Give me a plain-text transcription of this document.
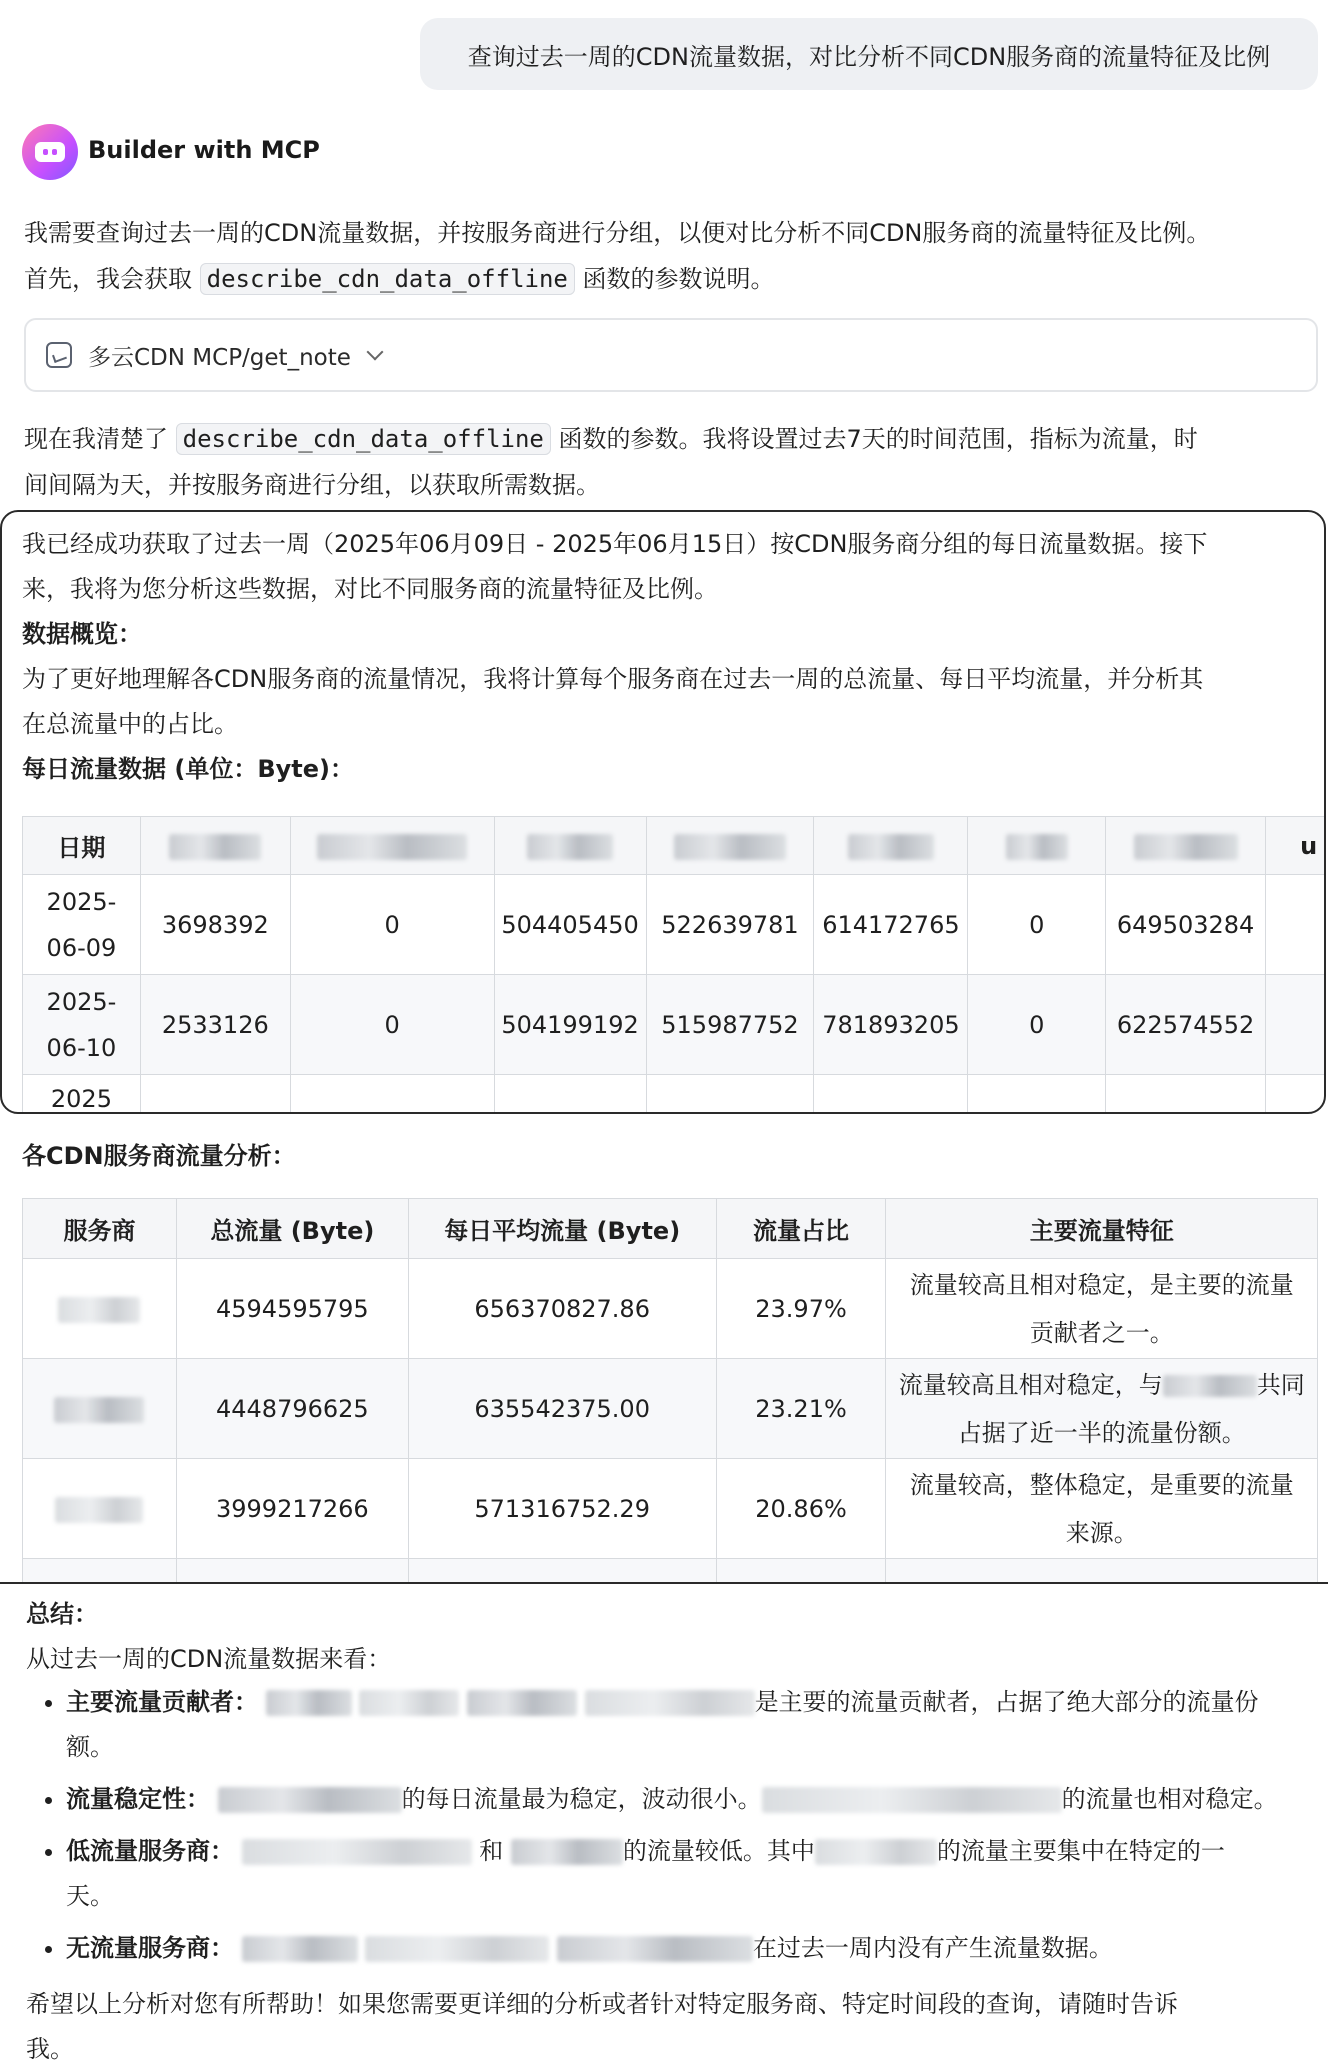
查询过去一周的CDN流量数据，对比分析不同CDN服务商的流量特征及比例
Builder with MCP
我需要查询过去一周的CDN流量数据，并按服务商进行分组，以便对比分析不同CDN服务商的流量特征及比例。
首先，我会获取 describe_cdn_data_offline 函数的参数说明。
多云CDN MCP/get_note
现在我清楚了 describe_cdn_data_offline 函数的参数。我将设置过去7天的时间范围，指标为流量，时
间间隔为天，并按服务商进行分组，以获取所需数据。
我已经成功获取了过去一周（2025年06月09日 - 2025年06月15日）按CDN服务商分组的每日流量数据。接下
来，我将为您分析这些数据，对比不同服务商的流量特征及比例。
数据概览：
为了更好地理解各CDN服务商的流量情况，我将计算每个服务商在过去一周的总流量、每日平均流量，并分析其
在总流量中的占比。
每日流量数据 (单位：Byte)：
日期								u

2025-
06-09	3698392	0	504405450	522639781	614172765	0	649503284	

2025-
06-10	2533126	0	504199192	515987752	781893205	0	622574552	

2025								

各CDN服务商流量分析：
服务商	总流量 (Byte)	每日平均流量 (Byte)	流量占比	主要流量特征
	4594595795	656370827.86	23.97%	流量较高且相对稳定，是主要的流量
贡献者之一。

	4448796625	635542375.00	23.21%	流量较高且相对稳定，与 共同
占据了近一半的流量份额。

	3999217266	571316752.29	20.86%	流量较高，整体稳定，是重要的流量
来源。

总结：
从过去一周的CDN流量数据来看：
• 主要流量贡献者：	是主要的流量贡献者，占据了绝大部分的流量份
额。
• 流量稳定性：	的每日流量最为稳定，波动很小。	的流量也相对稳定。
• 低流量服务商：	和	的流量较低。其中	的流量主要集中在特定的一
天。
• 无流量服务商：	在过去一周内没有产生流量数据。
希望以上分析对您有所帮助！如果您需要更详细的分析或者针对特定服务商、特定时间段的查询，请随时告诉
我。
